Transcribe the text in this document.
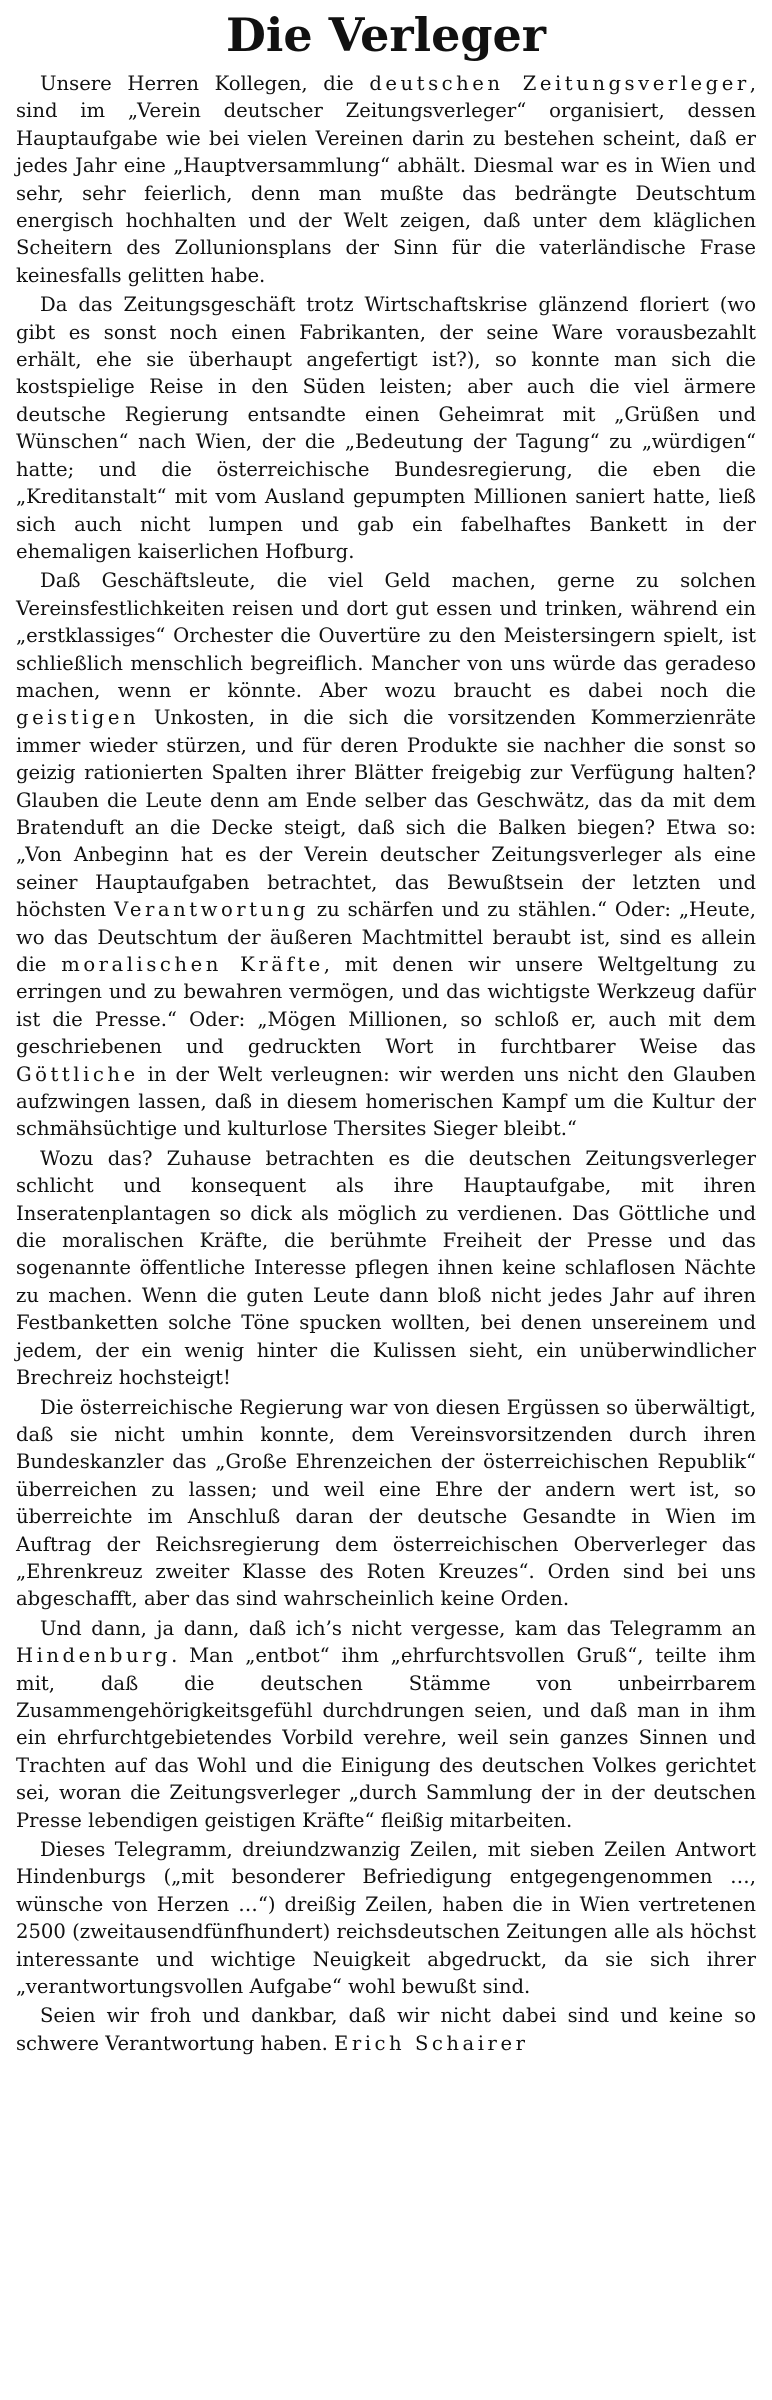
Die Verleger

Unsere Herren Kollegen, die deutschen Zeitungsverleger, sind im „Verein deutscher Zeitungsverleger“ organisiert, dessen Hauptaufgabe wie bei vielen Vereinen darin zu bestehen scheint, daß er jedes Jahr eine „Hauptversammlung“ abhält. Diesmal war es in Wien und sehr, sehr feierlich, denn man mußte das bedrängte Deutschtum energisch hochhalten und der Welt zeigen, daß unter dem kläglichen Scheitern des Zollunionsplans der Sinn für die vaterländische Frase keinesfalls gelitten habe.

Da das Zeitungsgeschäft trotz Wirtschaftskrise glänzend floriert (wo gibt es sonst noch einen Fabrikanten, der seine Ware vorausbezahlt erhält, ehe sie überhaupt angefertigt ist?), so konnte man sich die kostspielige Reise in den Süden leisten; aber auch die viel ärmere deutsche Regierung entsandte einen Geheimrat mit „Grüßen und Wünschen“ nach Wien, der die „Bedeutung der Tagung“ zu „würdigen“ hatte; und die österreichische Bundesregierung, die eben die „Kreditanstalt“ mit vom Ausland gepumpten Millionen saniert hatte, ließ sich auch nicht lumpen und gab ein fabelhaftes Bankett in der ehemaligen kaiserlichen Hofburg.

Daß Geschäftsleute, die viel Geld machen, gerne zu solchen Vereinsfestlichkeiten reisen und dort gut essen und trinken, während ein „erstklassiges“ Orchester die Ouvertüre zu den Meistersingern spielt, ist schließlich menschlich begreiflich. Mancher von uns würde das geradeso machen, wenn er könnte. Aber wozu braucht es dabei noch die geistigen Unkosten, in die sich die vorsitzenden Kommerzienräte immer wieder stürzen, und für deren Produkte sie nachher die sonst so geizig rationierten Spalten ihrer Blätter freigebig zur Verfügung halten? Glauben die Leute denn am Ende selber das Geschwätz, das da mit dem Bratenduft an die Decke steigt, daß sich die Balken biegen? Etwa so: „Von Anbeginn hat es der Verein deutscher Zeitungsverleger als eine seiner Hauptaufgaben betrachtet, das Bewußtsein der letzten und höchsten Verantwortung zu schärfen und zu stählen.“ Oder: „Heute, wo das Deutschtum der äußeren Machtmittel beraubt ist, sind es allein die moralischen Kräfte, mit denen wir unsere Weltgeltung zu erringen und zu bewahren vermögen, und das wichtigste Werkzeug dafür ist die Presse.“ Oder: „Mögen Millionen, so schloß er, auch mit dem geschriebenen und gedruckten Wort in furchtbarer Weise das Göttliche in der Welt verleugnen: wir werden uns nicht den Glauben aufzwingen lassen, daß in diesem homerischen Kampf um die Kultur der schmähsüchtige und kulturlose Thersites Sieger bleibt.“

Wozu das? Zuhause betrachten es die deutschen Zeitungsverleger schlicht und konsequent als ihre Hauptaufgabe, mit ihren Inseratenplantagen so dick als möglich zu verdienen. Das Göttliche und die moralischen Kräfte, die berühmte Freiheit der Presse und das sogenannte öffentliche Interesse pflegen ihnen keine schlaflosen Nächte zu machen. Wenn die guten Leute dann bloß nicht jedes Jahr auf ihren Festbanketten solche Töne spucken wollten, bei denen unsereinem und jedem, der ein wenig hinter die Kulissen sieht, ein unüberwindlicher Brechreiz hochsteigt!

Die österreichische Regierung war von diesen Ergüssen so überwältigt, daß sie nicht umhin konnte, dem Vereinsvorsitzenden durch ihren Bundeskanzler das „Große Ehrenzeichen der österreichischen Republik“ überreichen zu lassen; und weil eine Ehre der andern wert ist, so überreichte im Anschluß daran der deutsche Gesandte in Wien im Auftrag der Reichsregierung dem österreichischen Oberverleger das „Ehrenkreuz zweiter Klasse des Roten Kreuzes“. Orden sind bei uns abgeschafft, aber das sind wahrscheinlich keine Orden.

Und dann, ja dann, daß ich’s nicht vergesse, kam das Telegramm an Hindenburg. Man „entbot“ ihm „ehrfurchtsvollen Gruß“, teilte ihm mit, daß die deutschen Stämme von unbeirrbarem Zusammengehörigkeitsgefühl durchdrungen seien, und daß man in ihm ein ehrfurchtgebietendes Vorbild verehre, weil sein ganzes Sinnen und Trachten auf das Wohl und die Einigung des deutschen Volkes gerichtet sei, woran die Zeitungsverleger „durch Sammlung der in der deutschen Presse lebendigen geistigen Kräfte“ fleißig mitarbeiten.

Dieses Telegramm, dreiundzwanzig Zeilen, mit sieben Zeilen Antwort Hindenburgs („mit besonderer Befriedigung entgegengenommen …, wünsche von Herzen …“) dreißig Zeilen, haben die in Wien vertretenen 2500 (zweitausendfünfhundert) reichsdeutschen Zeitungen alle als höchst interessante und wichtige Neuigkeit abgedruckt, da sie sich ihrer „verantwortungsvollen Aufgabe“ wohl bewußt sind.

Seien wir froh und dankbar, daß wir nicht dabei sind und keine so schwere Verantwortung haben. Erich Schairer
